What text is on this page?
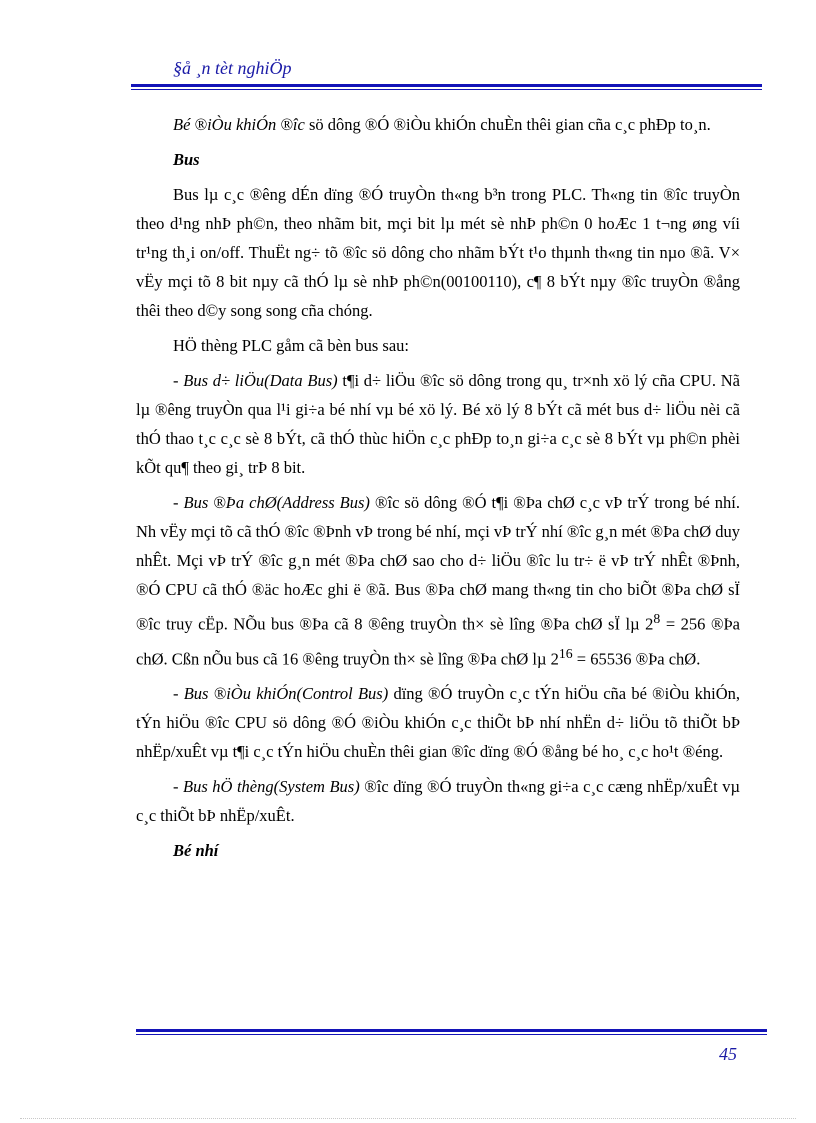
§å ¸n tèt nghiÖp

Bé ®iÒu khiÓn ®îc sö dông ®Ó ®iÒu khiÓn chuÈn thêi gian cña c¸c phÐp to¸n.

Bus

Bus lµ c¸c ®êng dÉn dïng ®Ó truyÒn th«ng b³n trong PLC. Th«ng tin ®îc truyÒn theo d¹ng nhÞ ph©n, theo nhãm bit, mçi bit lµ mét sè nhÞ ph©n 0 hoÆc 1 t¬ng øng víi tr¹ng th¸i on/off. ThuËt ng÷ tõ ®îc sö dông cho nhãm bÝt t¹o thµnh th«ng tin nµo ®ã. V× vËy mçi tõ 8 bit nµy cã thÓ lµ sè nhÞ ph©n(00100110), c¶ 8 bÝt nµy ®îc truyÒn ®ång thêi theo d©y song song cña chóng.

HÖ thèng PLC gåm cã bèn bus sau:

- Bus d÷ liÖu(Data Bus) t¶i d÷ liÖu ®îc sö dông trong qu¸ tr×nh xö lý cña CPU. Nã lµ ®êng truyÒn qua l¹i gi÷a bé nhí vµ bé xö lý. Bé xö lý 8 bÝt cã mét bus d÷ liÖu nèi cã thÓ thao t¸c c¸c sè 8 bÝt, cã thÓ thùc hiÖn c¸c phÐp to¸n gi÷a c¸c sè 8 bÝt vµ ph©n phèi kÕt qu¶ theo gi¸ trÞ 8 bit.

- Bus ®Þa chØ(Address Bus) ®îc sö dông ®Ó t¶i ®Þa chØ c¸c vÞ trÝ trong bé nhí. Nh vËy mçi tõ cã thÓ ®îc ®Þnh vÞ trong bé nhí, mçi vÞ trÝ nhí ®îc g¸n mét ®Þa chØ duy nhÊt. Mçi vÞ trÝ ®îc g¸n mét ®Þa chØ sao cho d÷ liÖu ®îc lu tr÷ ë vÞ trÝ nhÊt ®Þnh, ®Ó CPU cã thÓ ®äc hoÆc ghi ë ®ã. Bus ®Þa chØ mang th«ng tin cho biÕt ®Þa chØ sÏ ®îc truy cËp. NÕu bus ®Þa cã 8 ®êng truyÒn th× sè lîng ®Þa chØ sÏ lµ $2^8 = 256$ ®Þa chØ. Cßn nÕu bus cã 16 ®êng truyÒn th× sè lîng ®Þa chØ lµ $2^{16} = 65536$ ®Þa chØ.

- Bus ®iÒu khiÓn(Control Bus) dïng ®Ó truyÒn c¸c tÝn hiÖu cña bé ®iÒu khiÓn, tÝn hiÖu ®îc CPU sö dông ®Ó ®iÒu khiÓn c¸c thiÕt bÞ nhí nhËn d÷ liÖu tõ thiÕt bÞ nhËp/xuÊt vµ t¶i c¸c tÝn hiÖu chuÈn thêi gian ®îc dïng ®Ó ®ång bé ho¸ c¸c ho¹t ®éng.

- Bus hÖ thèng(System Bus) ®îc dïng ®Ó truyÒn th«ng gi÷a c¸c cæng nhËp/xuÊt vµ c¸c thiÕt bÞ nhËp/xuÊt.

Bé nhí

45
